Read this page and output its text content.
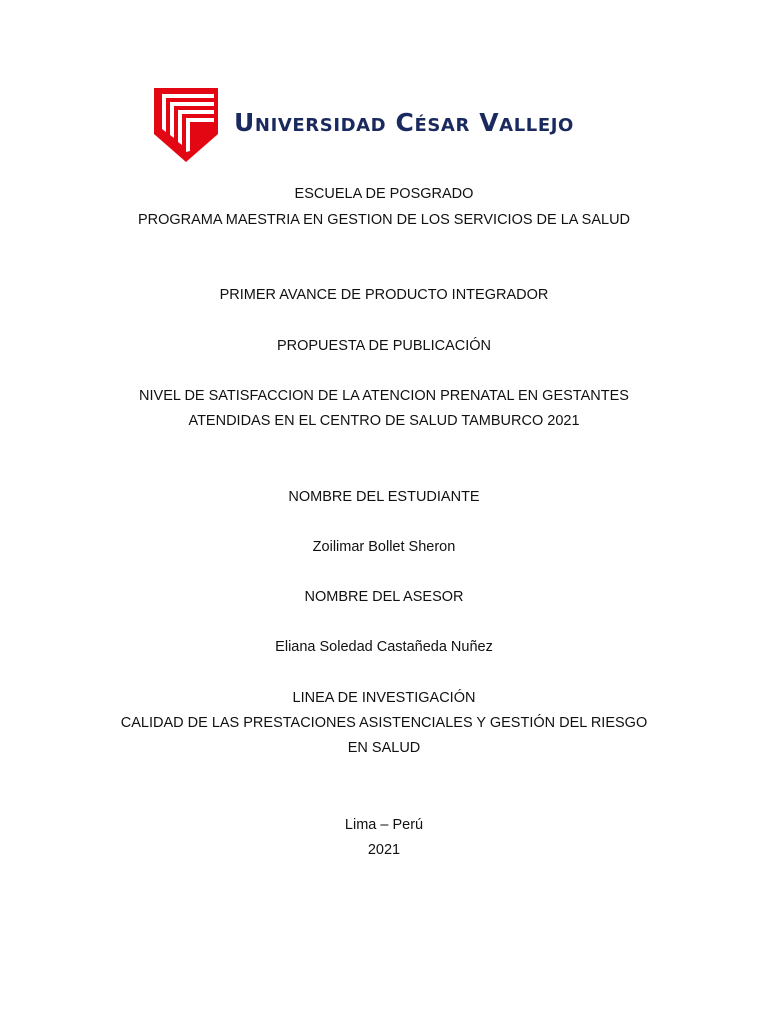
Universidad César Vallejo
ESCUELA DE POSGRADO
PROGRAMA MAESTRIA EN GESTION DE LOS SERVICIOS DE LA SALUD
PRIMER AVANCE DE PRODUCTO INTEGRADOR
PROPUESTA DE PUBLICACIÓN
NIVEL DE SATISFACCION DE LA ATENCION PRENATAL EN GESTANTES
ATENDIDAS EN EL CENTRO DE SALUD TAMBURCO 2021
NOMBRE DEL ESTUDIANTE
Zoilimar Bollet Sheron
NOMBRE DEL ASESOR
Eliana Soledad Castañeda Nuñez
LINEA DE INVESTIGACIÓN
CALIDAD DE LAS PRESTACIONES ASISTENCIALES Y GESTIÓN DEL RIESGO
EN SALUD
Lima – Perú
2021
